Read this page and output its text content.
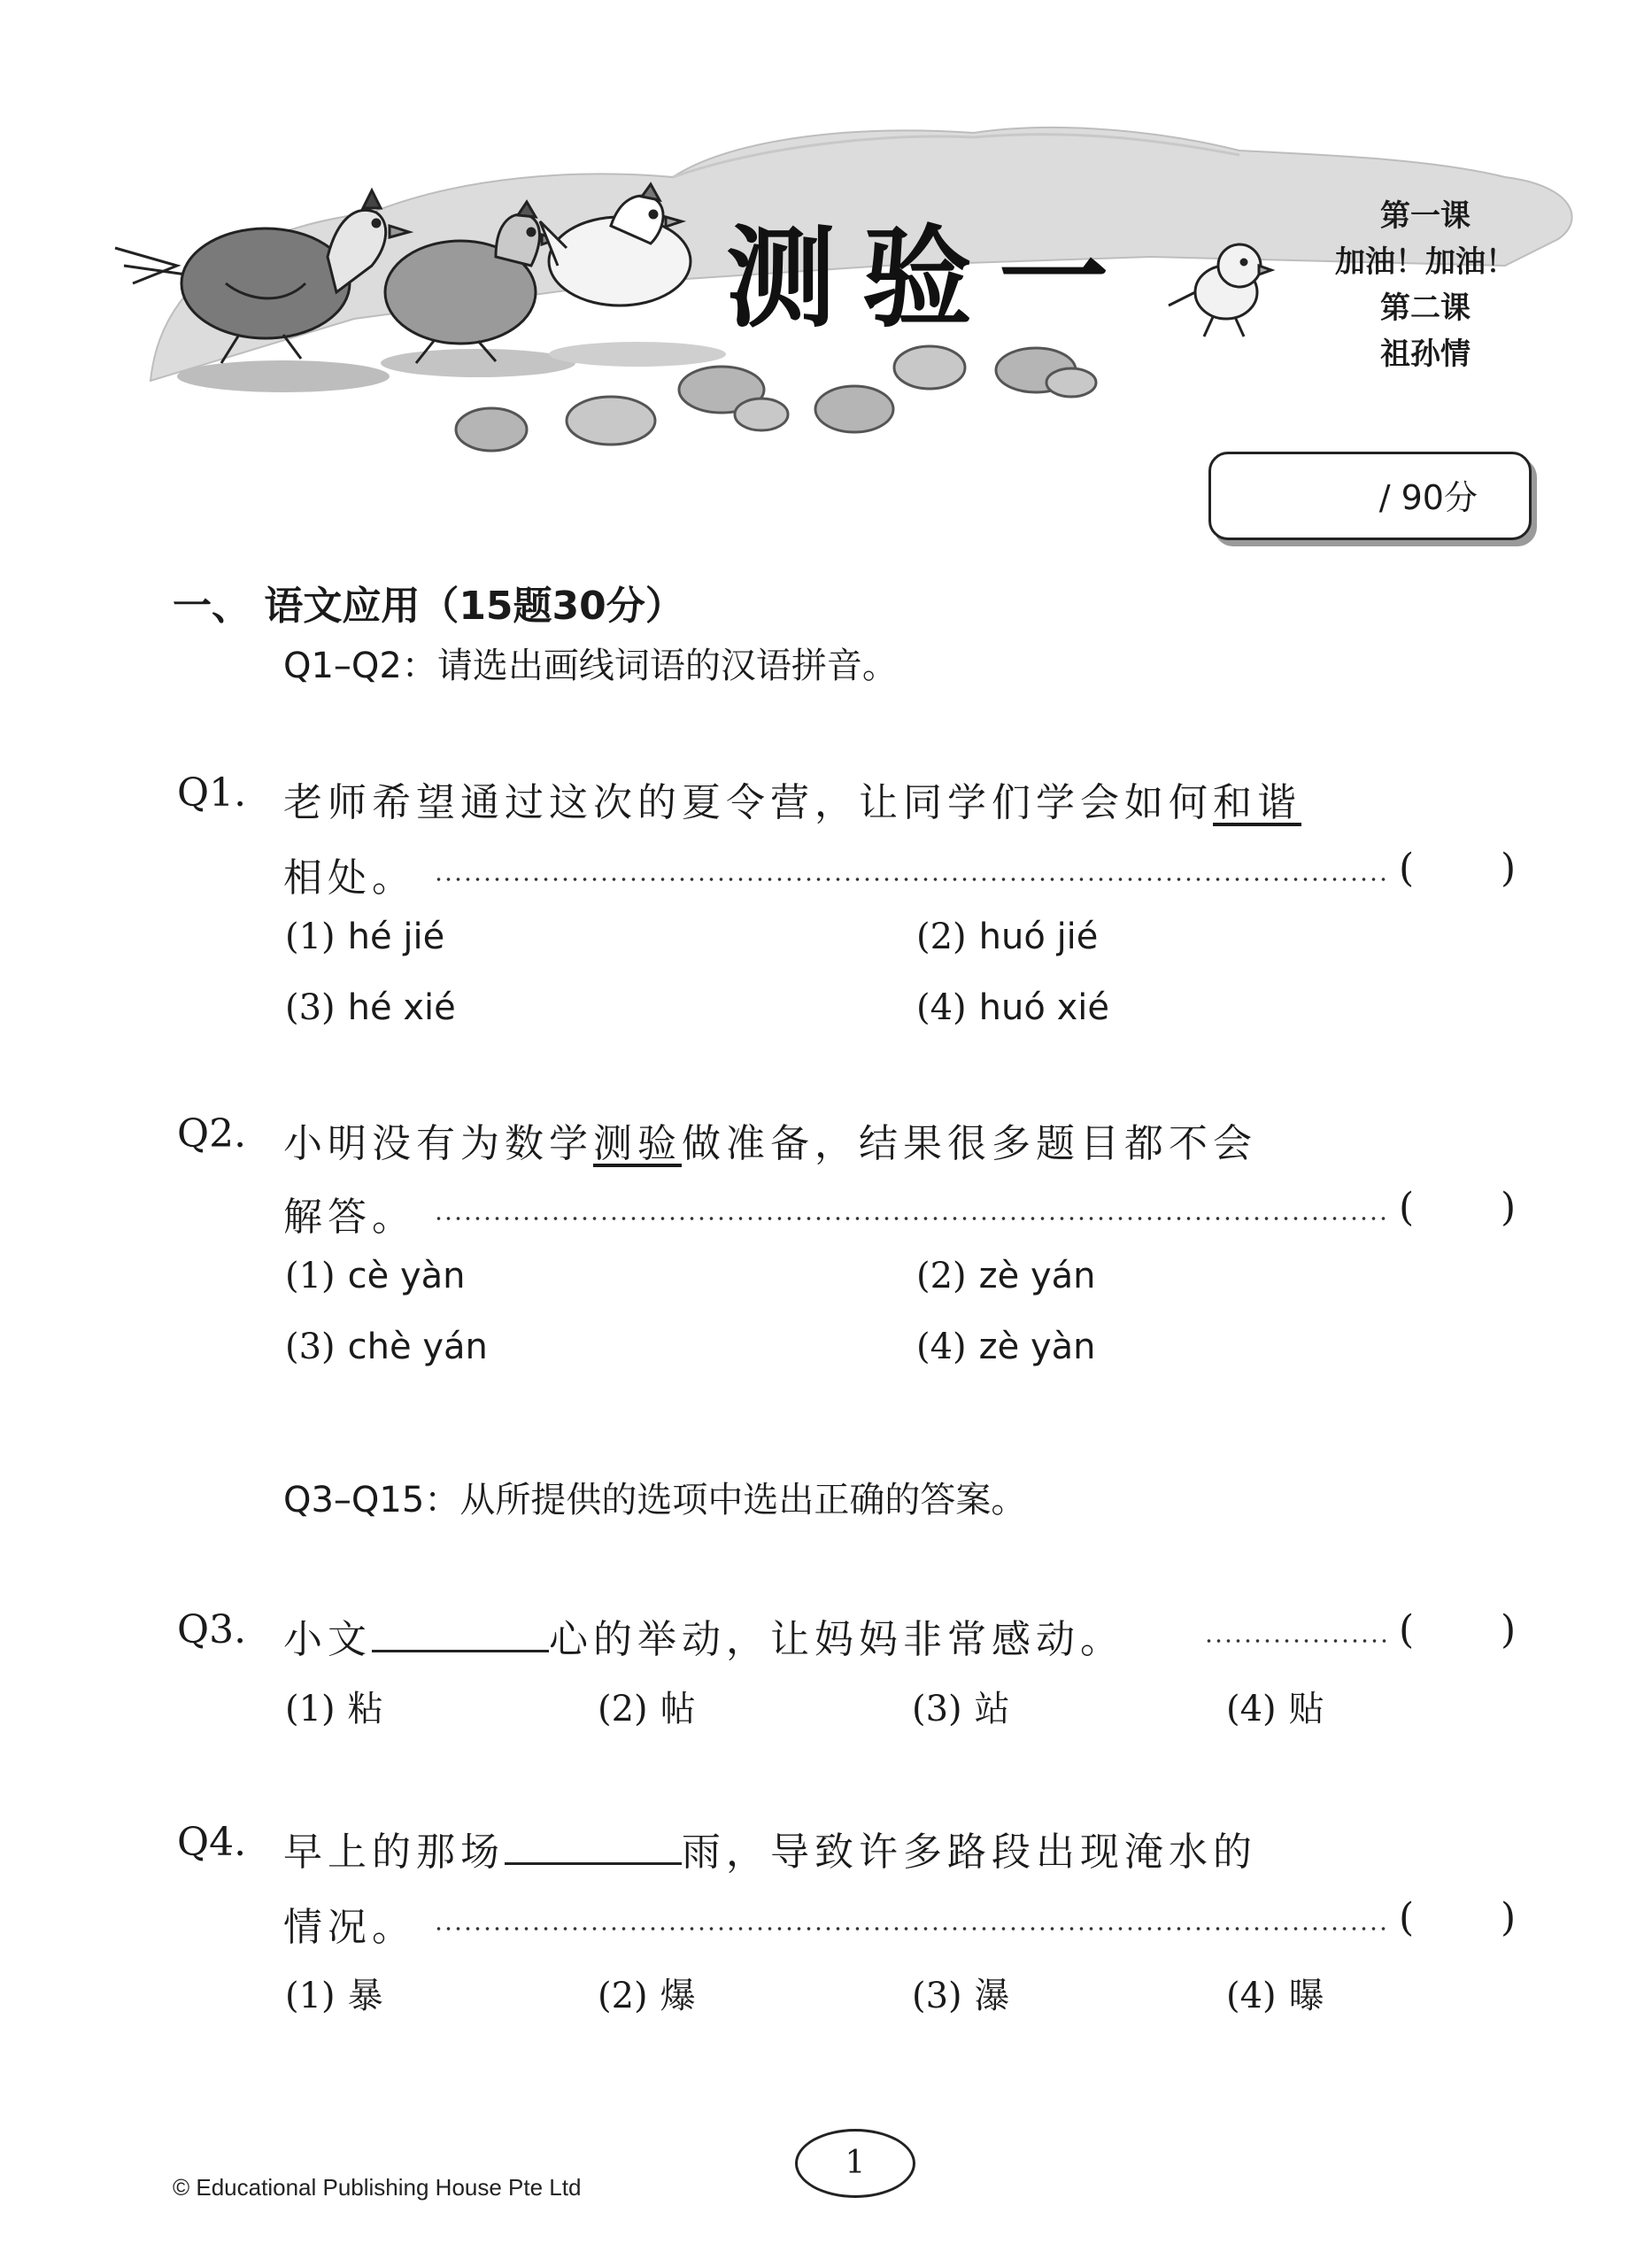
测验一	第一课
加油！加油！
第二课
祖孙情
/ 90分
一、 语文应用（15题30分）
Q1–Q2：请选出画线词语的汉语拼音。
Q1. 老师希望通过这次的夏令营，让同学们学会如何和谐
相处。	( )
(1) hé jié	(2) huó jié
(3) hé xié	(4) huó xié
Q2. 小明没有为数学测验做准备，结果很多题目都不会
解答。	( )
(1) cè yàn	(2) zè yán
(3) chè yán	(4) zè yàn
Q3–Q15：从所提供的选项中选出正确的答案。
Q3. 小文	心的举动，让妈妈非常感动。	( )
(1) 粘	(2) 帖	(3) 站	(4) 贴
Q4. 早上的那场	雨，导致许多路段出现淹水的
情况。	( )
(1) 暴	(2) 爆	(3) 瀑	(4) 曝
1
© Educational Publishing House Pte Ltd
